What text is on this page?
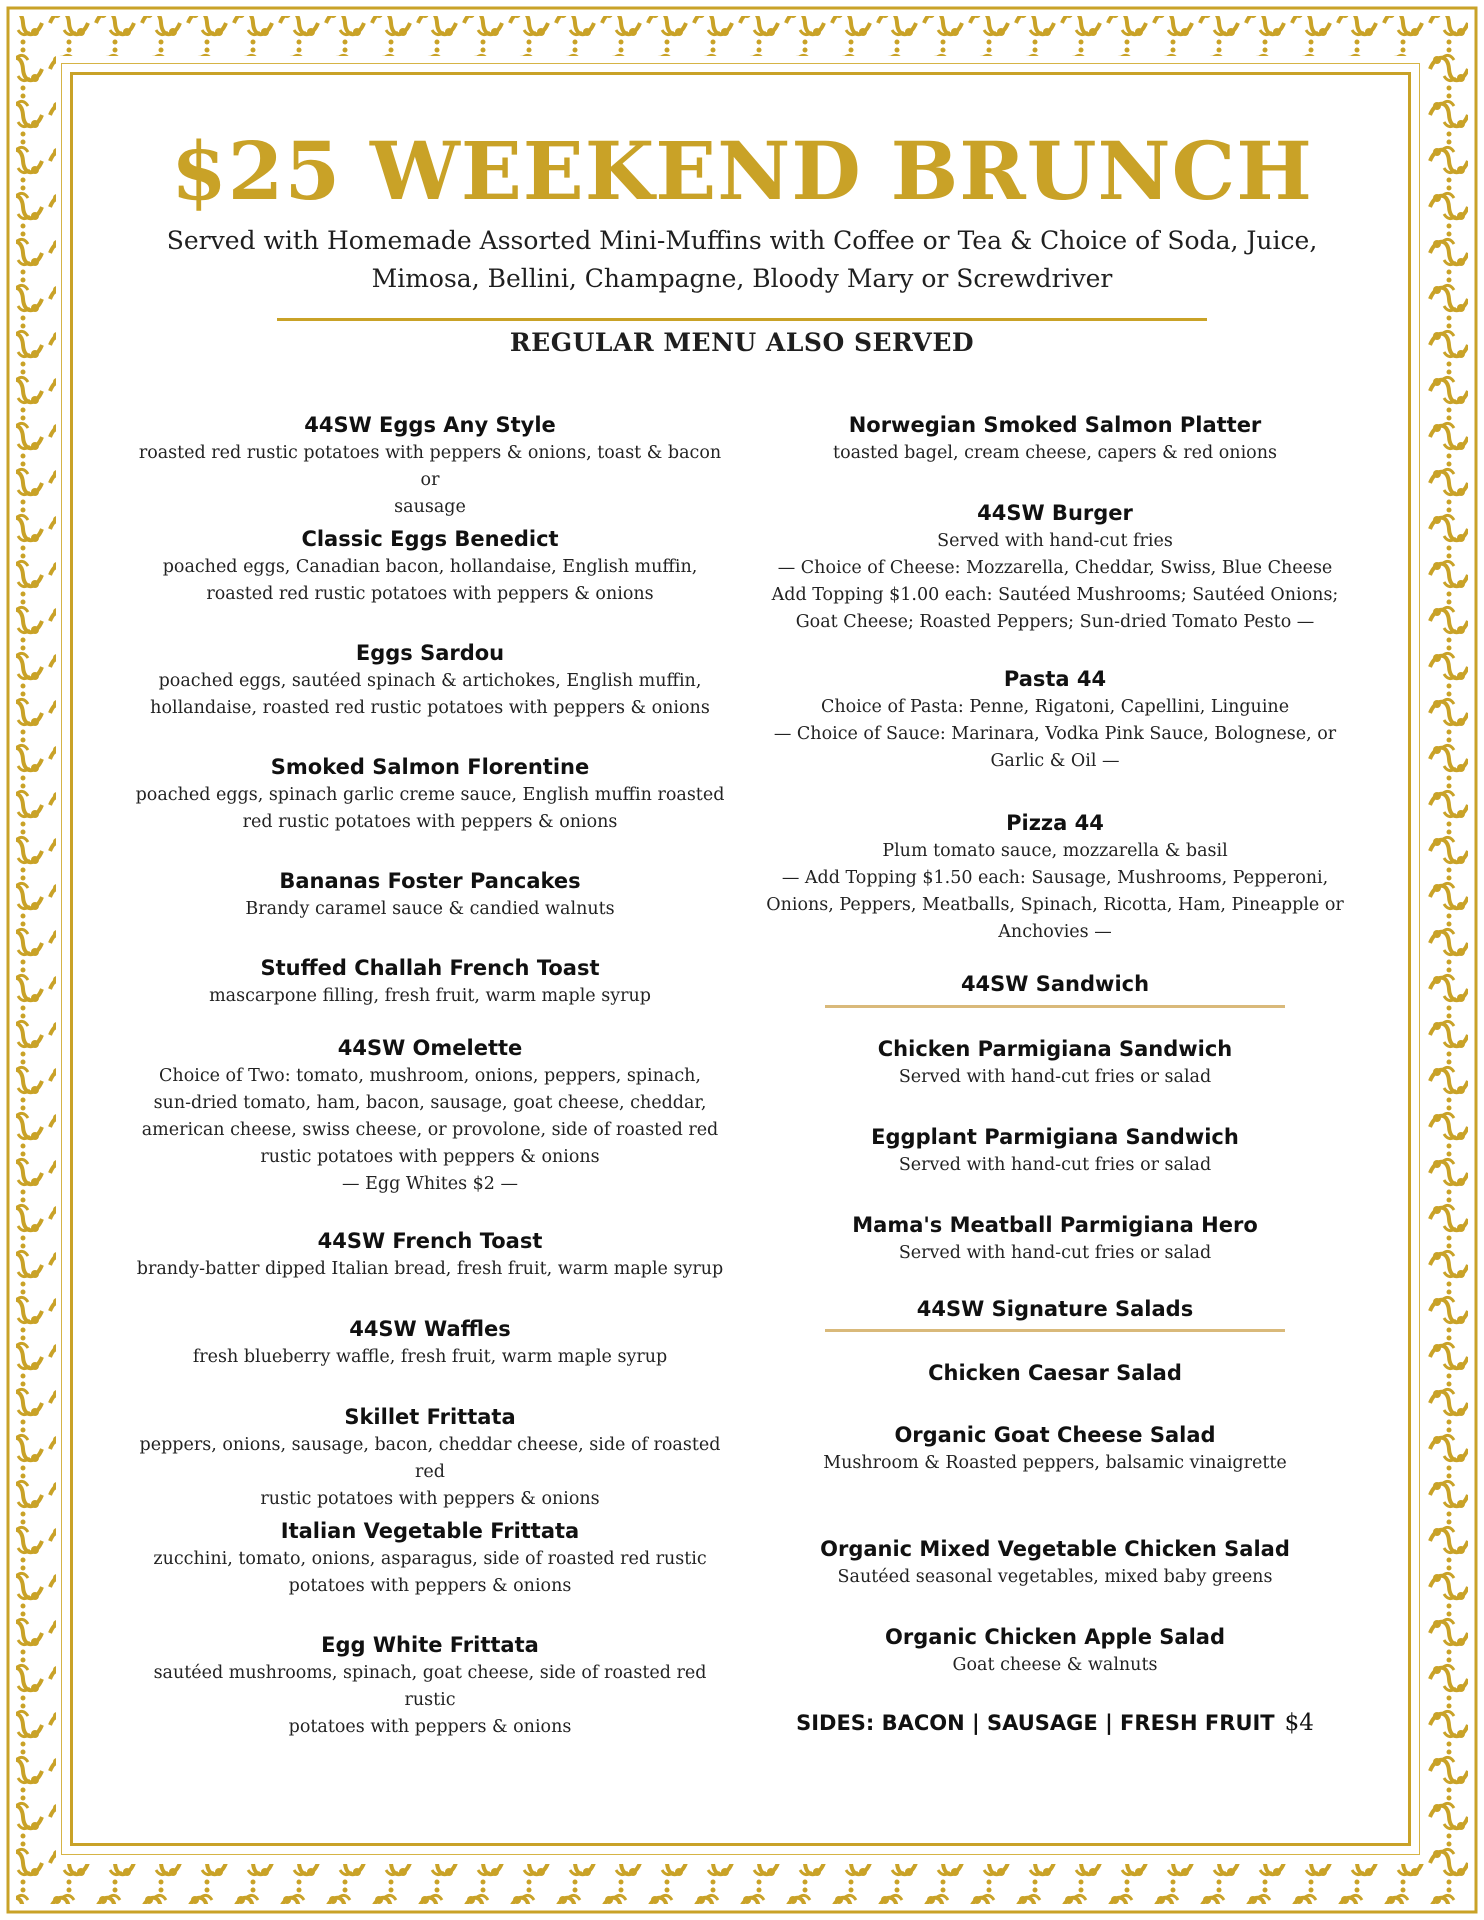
$25 WEEKEND BRUNCH
Served with Homemade Assorted Mini-Muffins with Coffee or Tea & Choice of Soda, Juice,
Mimosa, Bellini, Champagne, Bloody Mary or Screwdriver
REGULAR MENU ALSO SERVED
44SW Eggs Any Style
roasted red rustic potatoes with peppers & onions, toast & bacon or
sausage
Classic Eggs Benedict
poached eggs, Canadian bacon, hollandaise, English muffin,
roasted red rustic potatoes with peppers & onions
Eggs Sardou
poached eggs, sautéed spinach & artichokes, English muffin,
hollandaise, roasted red rustic potatoes with peppers & onions
Smoked Salmon Florentine
poached eggs, spinach garlic creme sauce, English muffin roasted
red rustic potatoes with peppers & onions
Bananas Foster Pancakes
Brandy caramel sauce & candied walnuts
Stuffed Challah French Toast
mascarpone filling, fresh fruit, warm maple syrup
44SW Omelette
Choice of Two: tomato, mushroom, onions, peppers, spinach,
sun-dried tomato, ham, bacon, sausage, goat cheese, cheddar,
american cheese, swiss cheese, or provolone, side of roasted red
rustic potatoes with peppers & onions
— Egg Whites $2 —
44SW French Toast
brandy-batter dipped Italian bread, fresh fruit, warm maple syrup
44SW Waffles
fresh blueberry waffle, fresh fruit, warm maple syrup
Skillet Frittata
peppers, onions, sausage, bacon, cheddar cheese, side of roasted red
rustic potatoes with peppers & onions
Italian Vegetable Frittata
zucchini, tomato, onions, asparagus, side of roasted red rustic
potatoes with peppers & onions
Egg White Frittata
sautéed mushrooms, spinach, goat cheese, side of roasted red rustic
potatoes with peppers & onions
Norwegian Smoked Salmon Platter
toasted bagel, cream cheese, capers & red onions
44SW Burger
Served with hand-cut fries
— Choice of Cheese: Mozzarella, Cheddar, Swiss, Blue Cheese
Add Topping $1.00 each: Sautéed Mushrooms; Sautéed Onions;
Goat Cheese; Roasted Peppers; Sun-dried Tomato Pesto —
Pasta 44
Choice of Pasta: Penne, Rigatoni, Capellini, Linguine
— Choice of Sauce: Marinara, Vodka Pink Sauce, Bolognese, or
Garlic & Oil —
Pizza 44
Plum tomato sauce, mozzarella & basil
— Add Topping $1.50 each: Sausage, Mushrooms, Pepperoni,
Onions, Peppers, Meatballs, Spinach, Ricotta, Ham, Pineapple or
Anchovies —
Chicken Parmigiana Sandwich
Served with hand-cut fries or salad
Eggplant Parmigiana Sandwich
Served with hand-cut fries or salad
Mama's Meatball Parmigiana Hero
Served with hand-cut fries or salad
Chicken Caesar Salad
Organic Goat Cheese Salad
Mushroom & Roasted peppers, balsamic vinaigrette
Organic Mixed Vegetable Chicken Salad
Sautéed seasonal vegetables, mixed baby greens
Organic Chicken Apple Salad
Goat cheese & walnuts
44SW Sandwich
44SW Signature Salads
SIDES: BACON | SAUSAGE | FRESH FRUIT $4
